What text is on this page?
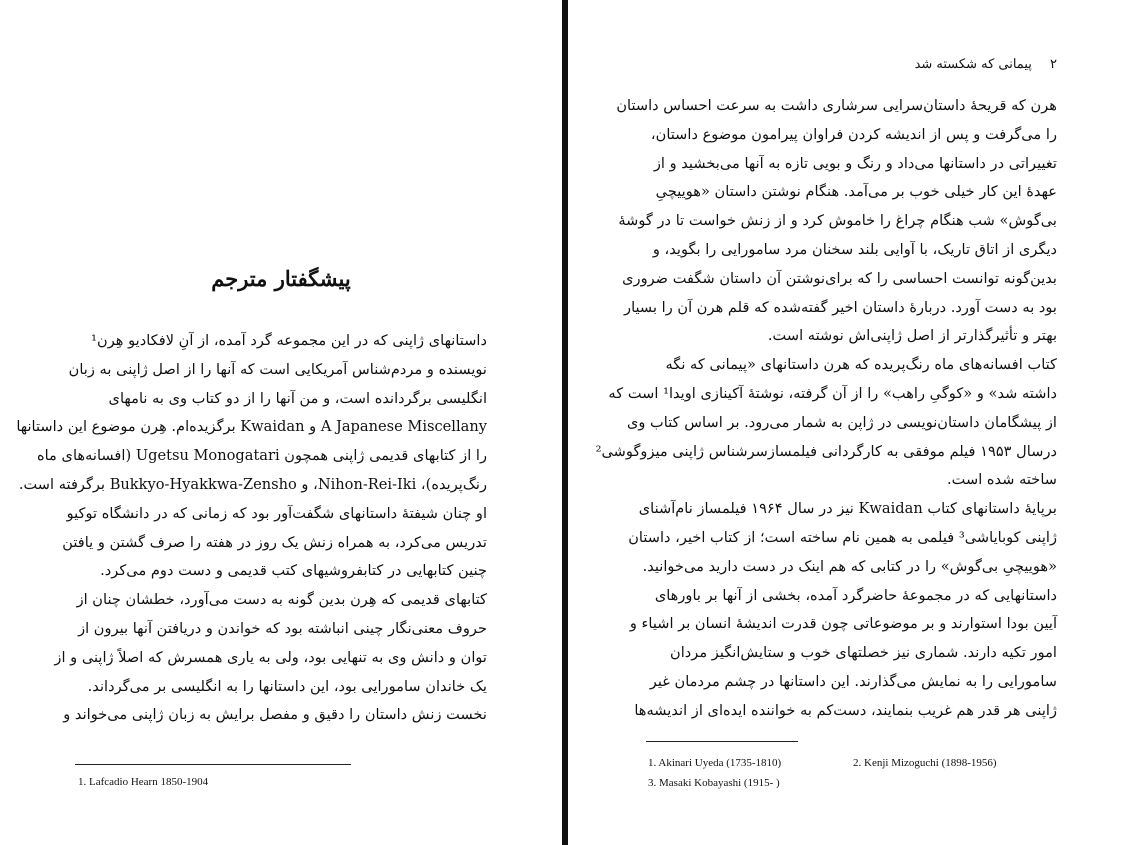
پیشگفتار مترجم
داستانهای ژاپنی که در این مجموعه گرد آمده، از آنِ لافکادیو هِرن¹
نویسنده و مردم‌شناس آمریکایی است که آنها را از اصل ژاپنی به زبان
انگلیسی برگردانده است، و من آنها را از دو کتاب وی به نامهای
A Japanese Miscellany و Kwaidan برگزیده‌ام. هِرن موضوع این داستانها
را از کتابهای قدیمی ژاپنی همچون Ugetsu Monogatari (افسانه‌های ماه
رنگ‌پریده)، Nihon-Rei-Iki، و Bukkyo-Hyakkwa-Zensho برگرفته است.
او چنان شیفتهٔ داستانهای شگفت‌آور بود که زمانی که در دانشگاه توکیو
تدریس می‌کرد، به همراه زنش یک روز در هفته را صرف گشتن و یافتن
چنین کتابهایی در کتابفروشیهای کتب قدیمی و دست دوم می‌کرد.
کتابهای قدیمی که هِرن بدین گونه به دست می‌آورد، خطشان چنان از
حروف معنی‌نگار چینی انباشته بود که خواندن و دریافتن آنها بیرون از
توان و دانش وی به تنهایی بود، ولی به یاری همسرش که اصلاً ژاپنی و از
یک خاندان سامورایی بود، این داستانها را به انگلیسی بر می‌گرداند.
نخست زنش داستان را دقیق و مفصل برایش به زبان ژاپنی می‌خواند و
1. Lafcadio Hearn 1850-1904
۲ پیمانی که شکسته شد
هرن که قریحهٔ داستان‌سرایی سرشاری داشت به سرعت احساس داستان
را می‌گرفت و پس از اندیشه کردن فراوان پیرامون موضوع داستان،
تغییراتی در داستانها می‌داد و رنگ و بویی تازه به آنها می‌بخشید و از
عهدهٔ این کار خیلی خوب بر می‌آمد. هنگام نوشتن داستان «هوییچیِ
بی‌گوش» شب هنگام چراغ را خاموش کرد و از زنش خواست تا در گوشهٔ
دیگری از اتاق تاریک، با آوایی بلند سخنان مرد سامورایی را بگوید، و
بدین‌گونه توانست احساسی را که برای‌نوشتن آن داستان شگفت ضروری
بود به دست آورد. دربارهٔ داستان اخیر گفته‌شده که قلم هرن آن را بسیار
بهتر و تأثیرگذارتر از اصل ژاپنی‌اش نوشته است.
کتاب افسانه‌های ماه رنگ‌پریده که هرن داستانهای «پیمانی که نگه
داشته شد» و «کوگیِ راهب» را از آن گرفته، نوشتهٔ آکینازی اویدا¹ است که
از پیشگامان داستان‌نویسی در ژاپن به شمار می‌رود. بر اساس کتاب وی
درسال ۱۹۵۳ فیلم موفقی به کارگردانی فیلمسازسرشناس ژاپنی میزوگوشی²
ساخته شده است.
برپایهٔ داستانهای کتاب Kwaidan نیز در سال ۱۹۶۴ فیلمساز نام‌آشنای
ژاپنی کوبایاشی³ فیلمی به همین نام ساخته است؛ از کتاب اخیر، داستان
«هوییچیِ بی‌گوش» را در کتابی که هم اینک در دست دارید می‌خوانید.
داستانهایی که در مجموعهٔ حاضرگرد آمده، بخشی از آنها بر باورهای
آیین بودا استوارند و بر موضوعاتی چون قدرت اندیشهٔ انسان بر اشیاء و
امور تکیه دارند. شماری نیز خصلتهای خوب و ستایش‌انگیز مردان
سامورایی را به نمایش می‌گذارند. این داستانها در چشم مردمان غیر
ژاپنی هر قدر هم غریب بنمایند، دست‌کم به خواننده ایده‌ای از اندیشه‌ها
1. Akinari Uyeda (1735-1810)	2. Kenji Mizoguchi (1898-1956)
3. Masaki Kobayashi (1915- )
